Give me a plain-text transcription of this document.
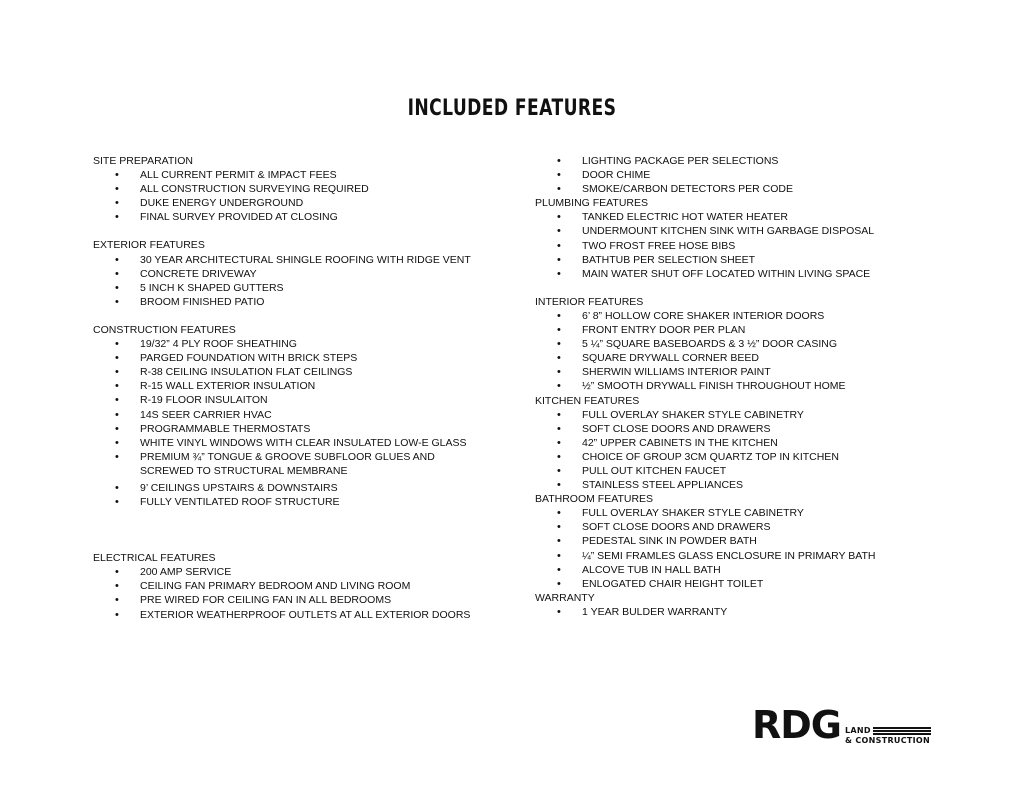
INCLUDED FEATURES
SITE PREPARATION
• ALL CURRENT PERMIT & IMPACT FEES
• ALL CONSTRUCTION SURVEYING REQUIRED
• DUKE ENERGY UNDERGROUND
• FINAL SURVEY PROVIDED AT CLOSING
EXTERIOR FEATURES
• 30 YEAR ARCHITECTURAL SHINGLE ROOFING WITH RIDGE VENT
• CONCRETE DRIVEWAY
• 5 INCH K SHAPED GUTTERS
• BROOM FINISHED PATIO
CONSTRUCTION FEATURES
• 19/32” 4 PLY ROOF SHEATHING
• PARGED FOUNDATION WITH BRICK STEPS
• R-38 CEILING INSULATION FLAT CEILINGS
• R-15 WALL EXTERIOR INSULATION
• R-19 FLOOR INSULAITON
• 14S SEER CARRIER HVAC
• PROGRAMMABLE THERMOSTATS
• WHITE VINYL WINDOWS WITH CLEAR INSULATED LOW-E GLASS
• PREMIUM ¾” TONGUE & GROOVE SUBFLOOR GLUES AND SCREWED TO STRUCTURAL MEMBRANE
• 9’ CEILINGS UPSTAIRS & DOWNSTAIRS
• FULLY VENTILATED ROOF STRUCTURE
ELECTRICAL FEATURES
• 200 AMP SERVICE
• CEILING FAN PRIMARY BEDROOM AND LIVING ROOM
• PRE WIRED FOR CEILING FAN IN ALL BEDROOMS
• EXTERIOR WEATHERPROOF OUTLETS AT ALL EXTERIOR DOORS
• LIGHTING PACKAGE PER SELECTIONS
• DOOR CHIME
• SMOKE/CARBON DETECTORS PER CODE
PLUMBING FEATURES
• TANKED ELECTRIC HOT WATER HEATER
• UNDERMOUNT KITCHEN SINK WITH GARBAGE DISPOSAL
• TWO FROST FREE HOSE BIBS
• BATHTUB PER SELECTION SHEET
• MAIN WATER SHUT OFF LOCATED WITHIN LIVING SPACE
INTERIOR FEATURES
• 6’ 8” HOLLOW CORE SHAKER INTERIOR DOORS
• FRONT ENTRY DOOR PER PLAN
• 5 ¼” SQUARE BASEBOARDS & 3 ½” DOOR CASING
• SQUARE DRYWALL CORNER BEED
• SHERWIN WILLIAMS INTERIOR PAINT
• ½” SMOOTH DRYWALL FINISH THROUGHOUT HOME
KITCHEN FEATURES
• FULL OVERLAY SHAKER STYLE CABINETRY
• SOFT CLOSE DOORS AND DRAWERS
• 42” UPPER CABINETS IN THE KITCHEN
• CHOICE OF GROUP 3CM QUARTZ TOP IN KITCHEN
• PULL OUT KITCHEN FAUCET
• STAINLESS STEEL APPLIANCES
BATHROOM FEATURES
• FULL OVERLAY SHAKER STYLE CABINETRY
• SOFT CLOSE DOORS AND DRAWERS
• PEDESTAL SINK IN POWDER BATH
• ¼” SEMI FRAMLES GLASS ENCLOSURE IN PRIMARY BATH
• ALCOVE TUB IN HALL BATH
• ENLOGATED CHAIR HEIGHT TOILET
WARRANTY
• 1 YEAR BULDER WARRANTY
RDG LAND
& CONSTRUCTION
